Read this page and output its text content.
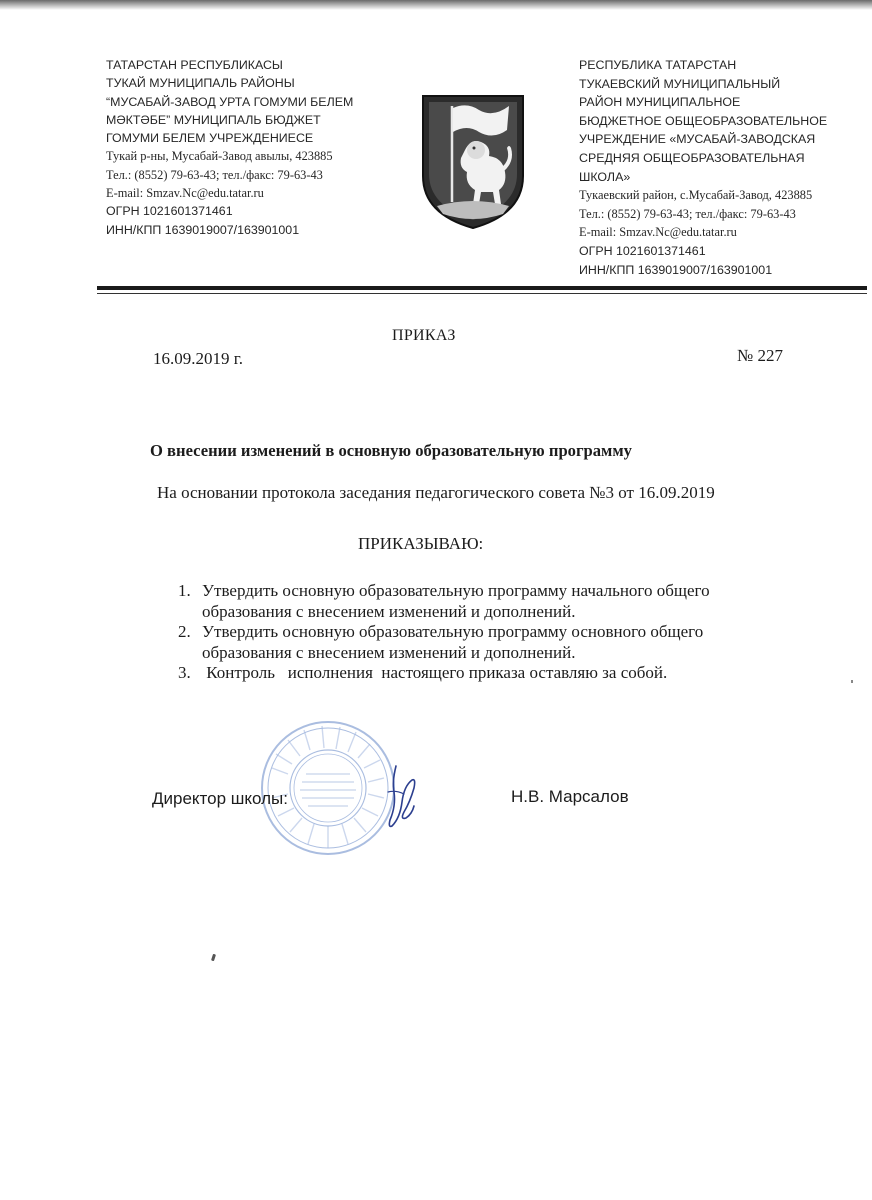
ТАТАРСТАН РЕСПУБЛИКАСЫ
ТУКАЙ МУНИЦИПАЛЬ РАЙОНЫ
“МУСАБАЙ-ЗАВОД УРТА ГОМУМИ БЕЛЕМ
МӘКТӘБЕ” МУНИЦИПАЛЬ БЮДЖЕТ
ГОМУМИ БЕЛЕМ УЧРЕЖДЕНИЕСЕ
Тукай р-ны, Мусабай-Завод авылы, 423885
Тел.: (8552) 79-63-43; тел./факс: 79-63-43
E-mail: Smzav.Nc@edu.tatar.ru
ОГРН 1021601371461
ИНН/КПП 1639019007/163901001
РЕСПУБЛИКА ТАТАРСТАН
ТУКАЕВСКИЙ МУНИЦИПАЛЬНЫЙ
РАЙОН МУНИЦИПАЛЬНОЕ
БЮДЖЕТНОЕ ОБЩЕОБРАЗОВАТЕЛЬНОЕ
УЧРЕЖДЕНИЕ «МУСАБАЙ-ЗАВОДСКАЯ
СРЕДНЯЯ ОБЩЕОБРАЗОВАТЕЛЬНАЯ
ШКОЛА»
Тукаевский район, с.Мусабай-Завод, 423885
Тел.: (8552) 79-63-43; тел./факс: 79-63-43
E-mail: Smzav.Nc@edu.tatar.ru
ОГРН 1021601371461
ИНН/КПП 1639019007/163901001
ПРИКАЗ
16.09.2019 г.	№ 227
О внесении изменений в основную образовательную программу
На основании протокола заседания педагогического совета №3 от 16.09.2019
ПРИКАЗЫВАЮ:
1. Утвердить основную образовательную программу начального общего
образования с внесением изменений и дополнений.
2. Утвердить основную образовательную программу основного общего
образования с внесением изменений и дополнений.
3. Контроль   исполнения  настоящего приказа оставляю за собой.
Директор школы:	Н.В. Марсалов
